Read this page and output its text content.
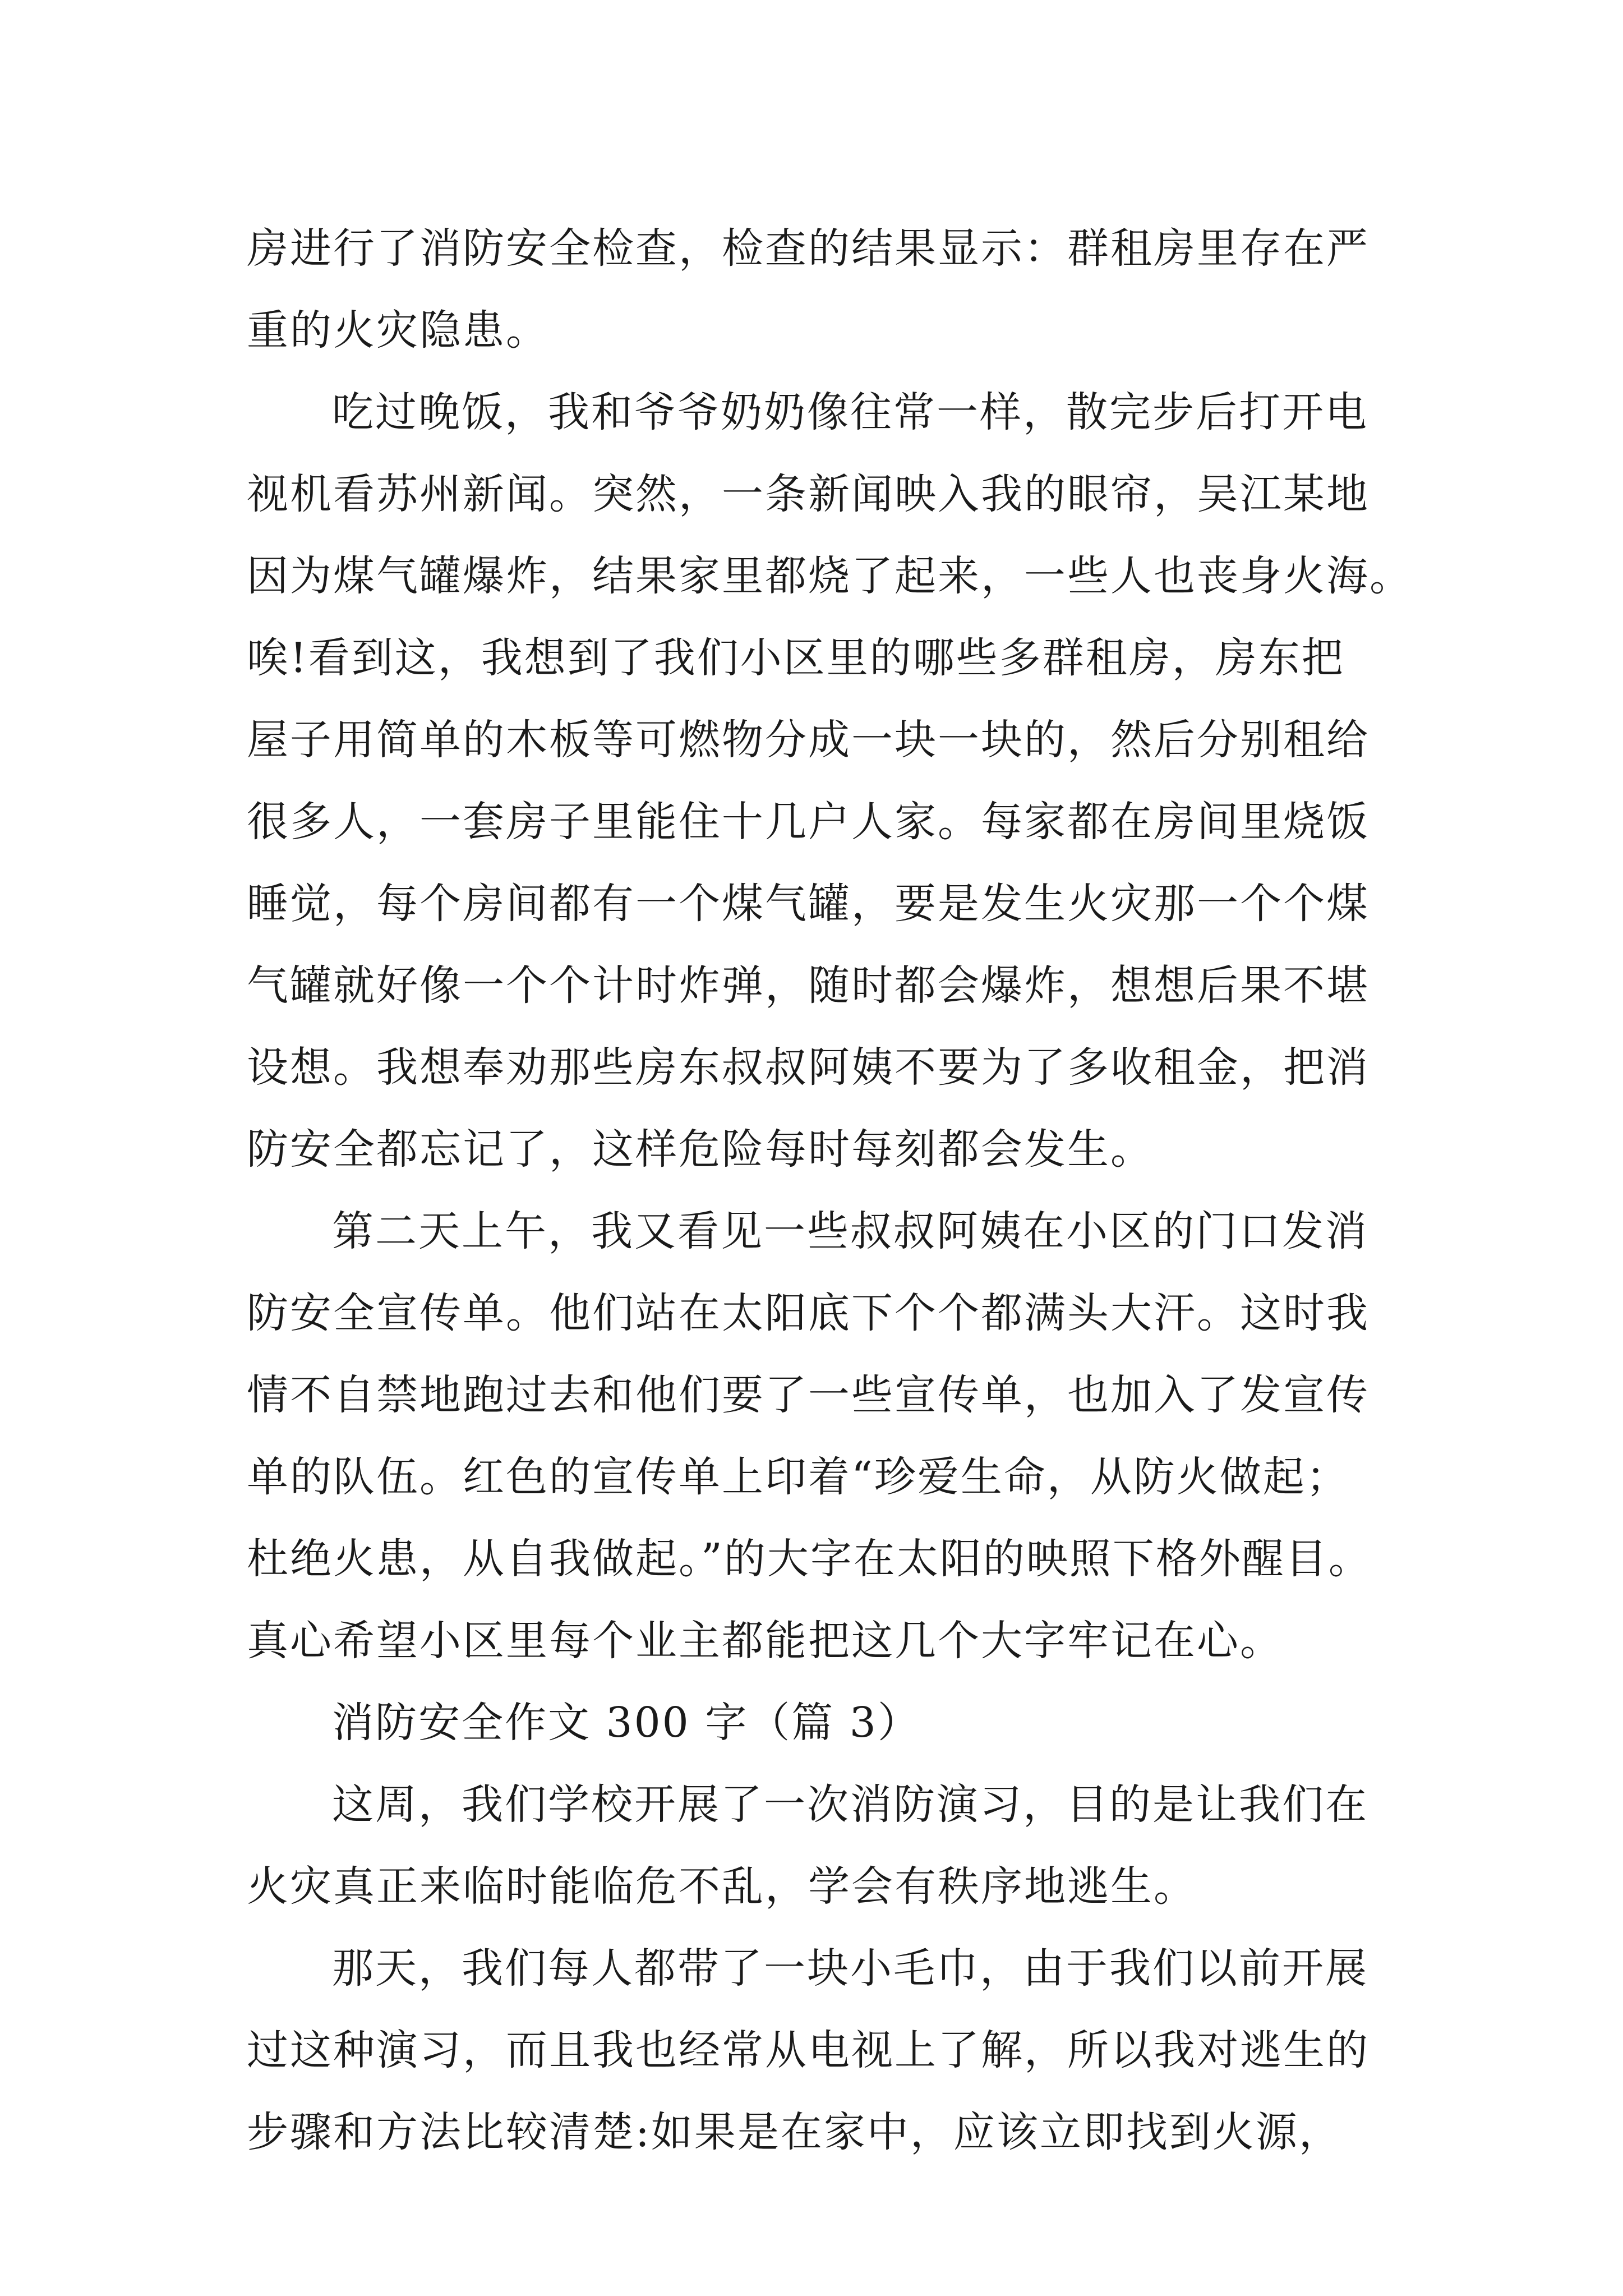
房进行了消防安全检查，检查的结果显示：群租房里存在严
重的火灾隐患。
吃过晚饭，我和爷爷奶奶像往常一样，散完步后打开电
视机看苏州新闻。突然，一条新闻映入我的眼帘，吴江某地
因为煤气罐爆炸，结果家里都烧了起来，一些人也丧身火海。
唉!看到这，我想到了我们小区里的哪些多群租房，房东把
屋子用简单的木板等可燃物分成一块一块的，然后分别租给
很多人，一套房子里能住十几户人家。每家都在房间里烧饭
睡觉，每个房间都有一个煤气罐，要是发生火灾那一个个煤
气罐就好像一个个计时炸弹，随时都会爆炸，想想后果不堪
设想。我想奉劝那些房东叔叔阿姨不要为了多收租金，把消
防安全都忘记了，这样危险每时每刻都会发生。
第二天上午，我又看见一些叔叔阿姨在小区的门口发消
防安全宣传单。他们站在太阳底下个个都满头大汗。这时我
情不自禁地跑过去和他们要了一些宣传单，也加入了发宣传
单的队伍。红色的宣传单上印着“珍爱生命，从防火做起；
杜绝火患，从自我做起。”的大字在太阳的映照下格外醒目。
真心希望小区里每个业主都能把这几个大字牢记在心。
消防安全作文 300 字（篇 3）
这周，我们学校开展了一次消防演习，目的是让我们在
火灾真正来临时能临危不乱，学会有秩序地逃生。
那天，我们每人都带了一块小毛巾，由于我们以前开展
过这种演习，而且我也经常从电视上了解，所以我对逃生的
步骤和方法比较清楚:如果是在家中，应该立即找到火源，
